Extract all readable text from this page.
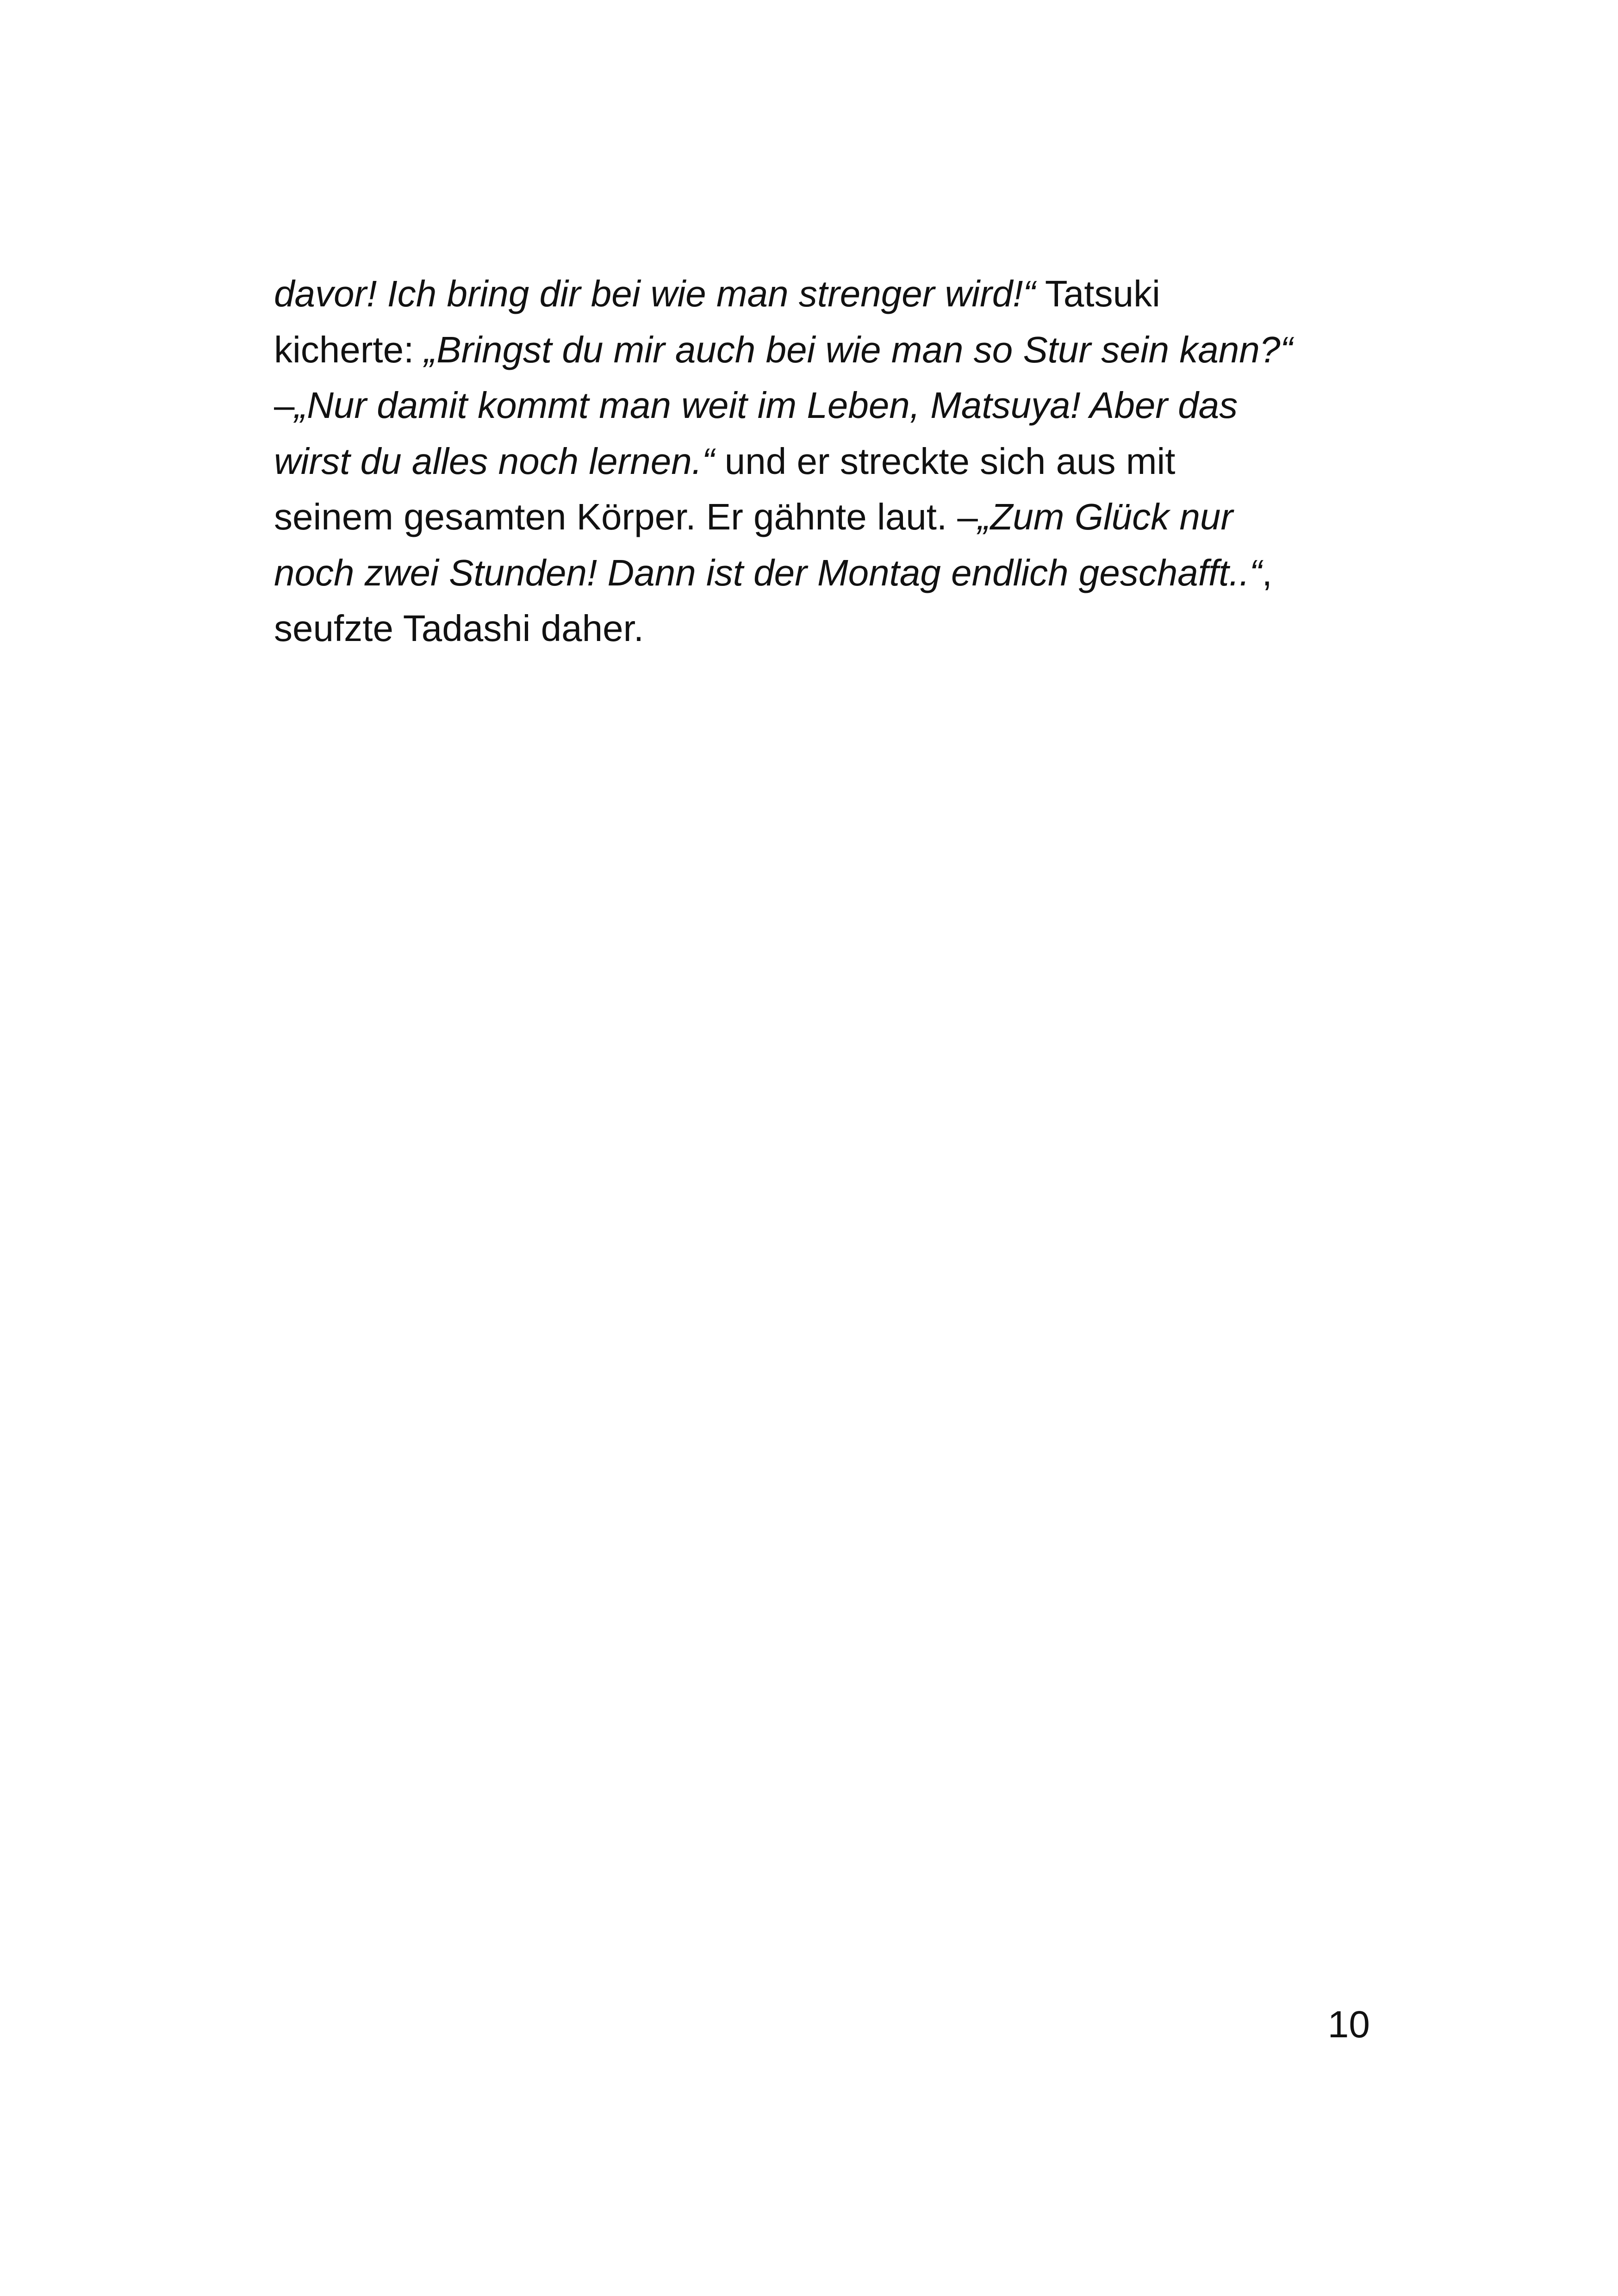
davor! Ich bring dir bei wie man strenger wird!“ Tatsuki
kicherte: „Bringst du mir auch bei wie man so Stur sein kann?“
–„Nur damit kommt man weit im Leben, Matsuya! Aber das
wirst du alles noch lernen.“ und er streckte sich aus mit
seinem gesamten Körper. Er gähnte laut. –„Zum Glück nur
noch zwei Stunden! Dann ist der Montag endlich geschafft..“,
seufzte Tadashi daher.
10
